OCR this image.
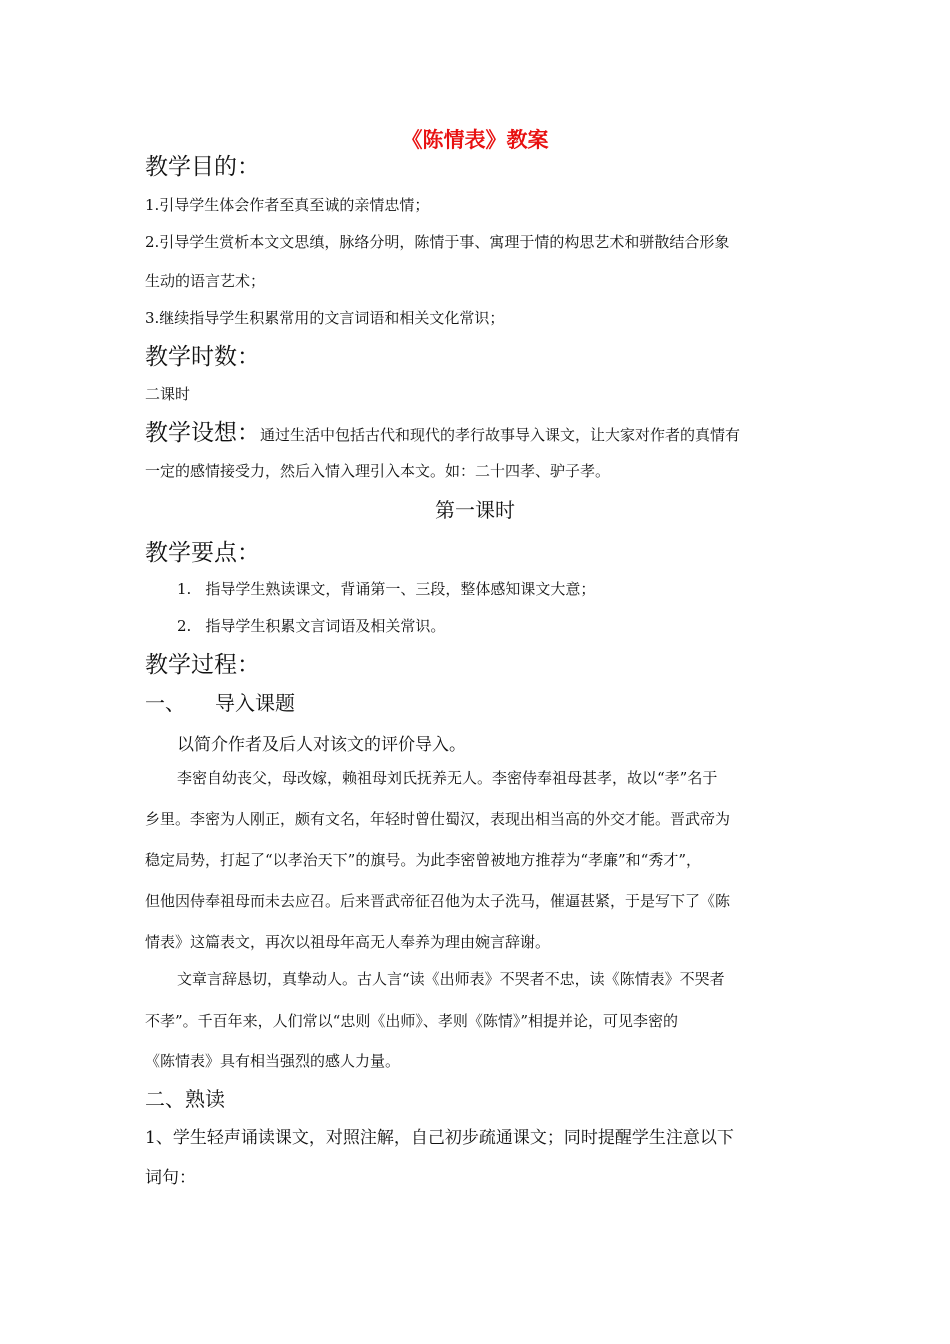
《陈情表》教案

教学目的：

1.引导学生体会作者至真至诚的亲情忠情；

2.引导学生赏析本文文思缜，脉络分明，陈情于事、寓理于情的构思艺术和骈散结合形象

生动的语言艺术；

3.继续指导学生积累常用的文言词语和相关文化常识；

教学时数：

二课时

教学设想：通过生活中包括古代和现代的孝行故事导入课文，让大家对作者的真情有

一定的感情接受力，然后入情入理引入本文。如：二十四孝、驴子孝。

第一课时

教学要点：

1. 指导学生熟读课文，背诵第一、三段，整体感知课文大意；

2. 指导学生积累文言词语及相关常识。

教学过程：

一、 导入课题

以简介作者及后人对该文的评价导入。

李密自幼丧父，母改嫁，赖祖母刘氏抚养无人。李密侍奉祖母甚孝，故以“孝”名于

乡里。李密为人刚正，颇有文名，年轻时曾仕蜀汉，表现出相当高的外交才能。晋武帝为

稳定局势，打起了“以孝治天下”的旗号。为此李密曾被地方推荐为“孝廉”和“秀才”，

但他因侍奉祖母而未去应召。后来晋武帝征召他为太子洗马，催逼甚紧，于是写下了《陈

情表》这篇表文，再次以祖母年高无人奉养为理由婉言辞谢。

文章言辞恳切，真挚动人。古人言“读《出师表》不哭者不忠，读《陈情表》不哭者

不孝”。千百年来，人们常以“忠则《出师》、孝则《陈情》”相提并论，可见李密的

《陈情表》具有相当强烈的感人力量。

二、熟读

1、学生轻声诵读课文，对照注解，自己初步疏通课文；同时提醒学生注意以下

词句：
